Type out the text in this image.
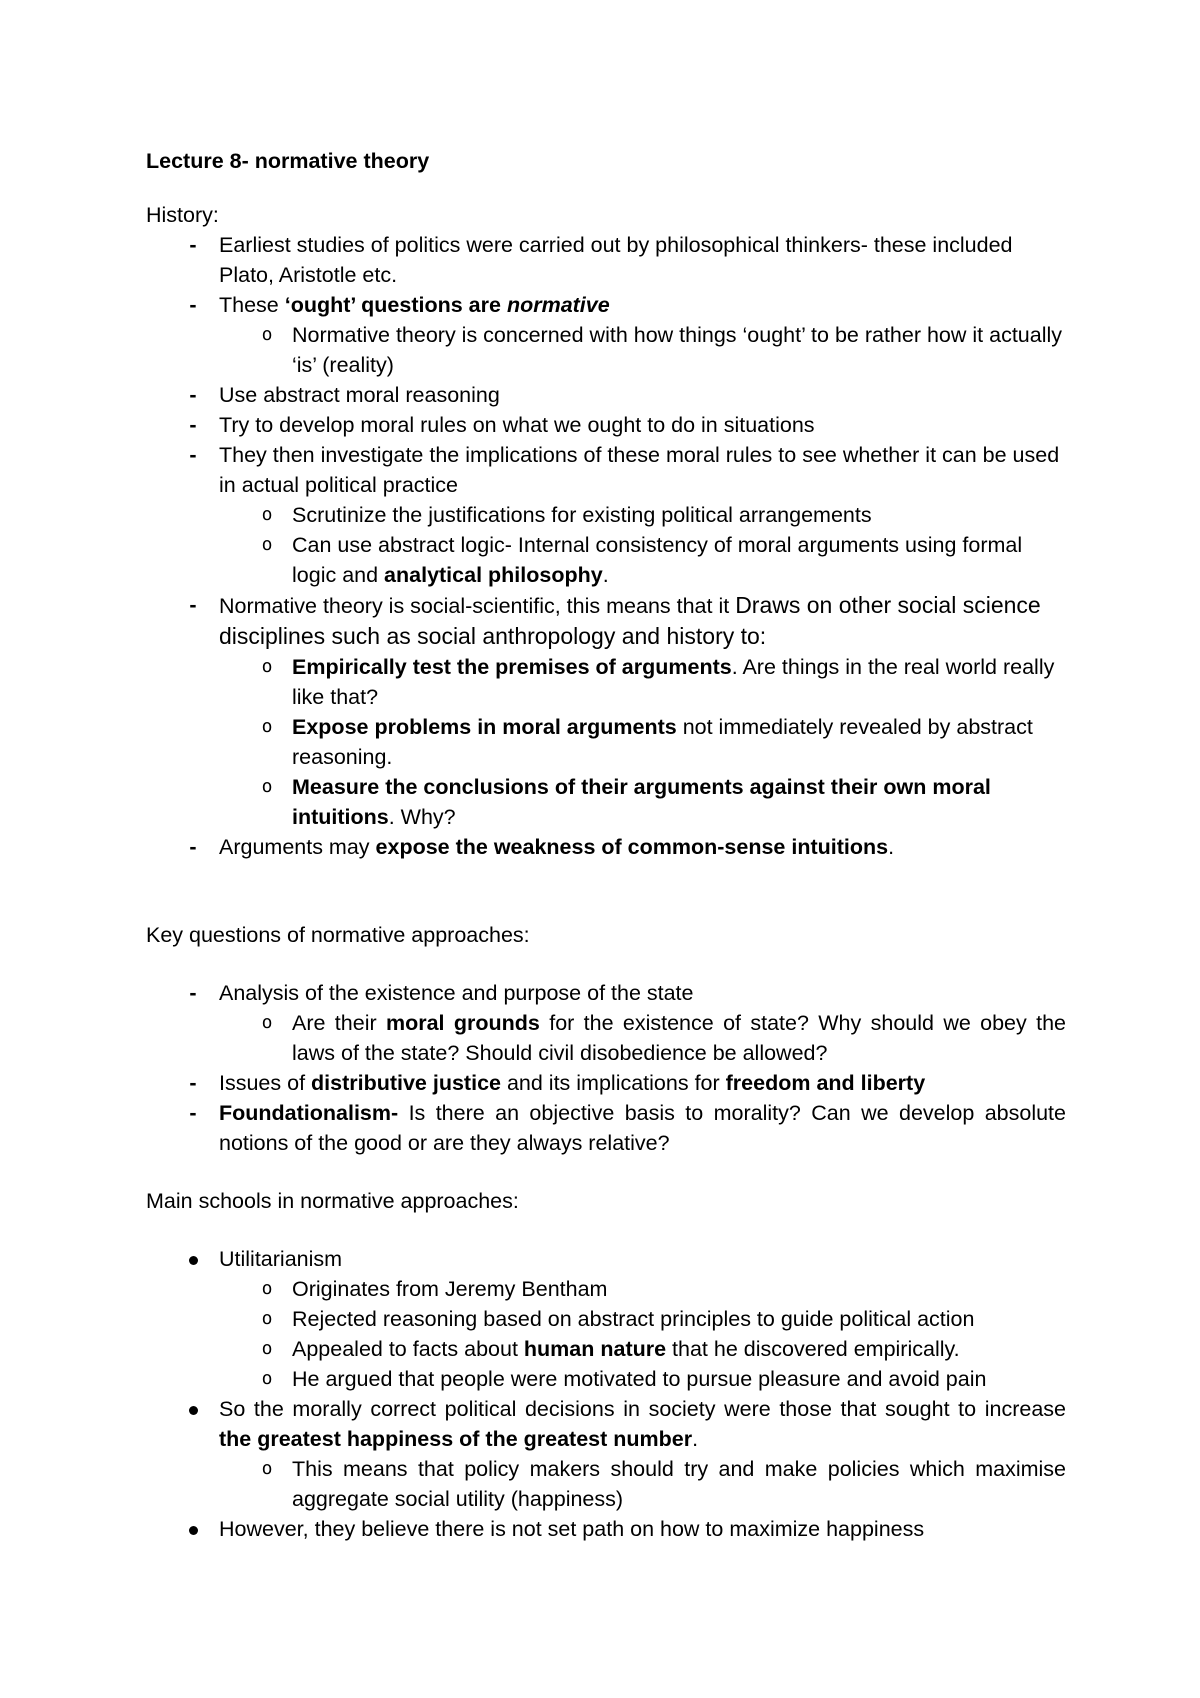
Lecture 8- normative theory

History:

- Earliest studies of politics were carried out by philosophical thinkers- these included Plato, Aristotle etc.
- These ‘ought’ questions are normative
o Normative theory is concerned with how things ‘ought’ to be rather how it actually ‘is’ (reality)
- Use abstract moral reasoning
- Try to develop moral rules on what we ought to do in situations
- They then investigate the implications of these moral rules to see whether it can be used in actual political practice
o Scrutinize the justifications for existing political arrangements
o Can use abstract logic- Internal consistency of moral arguments using formal logic and analytical philosophy.
- Normative theory is social-scientific, this means that it Draws on other social science disciplines such as social anthropology and history to:
o Empirically test the premises of arguments. Are things in the real world really like that?
o Expose problems in moral arguments not immediately revealed by abstract reasoning.
o Measure the conclusions of their arguments against their own moral intuitions. Why?
- Arguments may expose the weakness of common-sense intuitions.

Key questions of normative approaches:

- Analysis of the existence and purpose of the state
o Are their moral grounds for the existence of state? Why should we obey the laws of the state? Should civil disobedience be allowed?
- Issues of distributive justice and its implications for freedom and liberty
- Foundationalism- Is there an objective basis to morality? Can we develop absolute notions of the good or are they always relative?

Main schools in normative approaches:

Utilitarianism
o Originates from Jeremy Bentham
o Rejected reasoning based on abstract principles to guide political action
o Appealed to facts about human nature that he discovered empirically.
o He argued that people were motivated to pursue pleasure and avoid pain
So the morally correct political decisions in society were those that sought to increase the greatest happiness of the greatest number.
o This means that policy makers should try and make policies which maximise aggregate social utility (happiness)
However, they believe there is not set path on how to maximize happiness
